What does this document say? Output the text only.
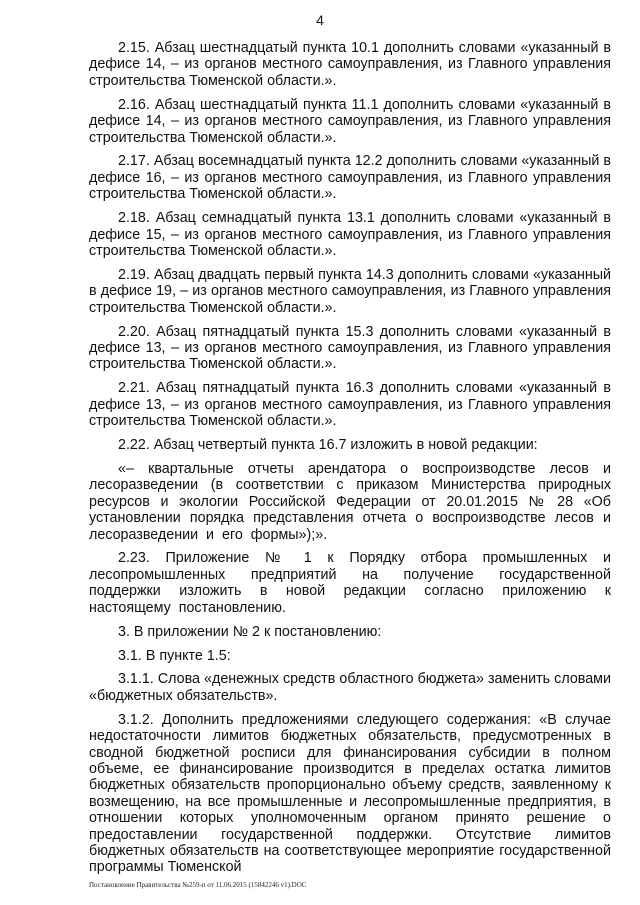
4

2.15. Абзац шестнадцатый пункта 10.1 дополнить словами «указанный в дефисе 14, – из органов местного самоуправления, из Главного управления строительства Тюменской области.».

2.16. Абзац шестнадцатый пункта 11.1 дополнить словами «указанный в дефисе 14, – из органов местного самоуправления, из Главного управления строительства Тюменской области.».

2.17. Абзац восемнадцатый пункта 12.2 дополнить словами «указанный в дефисе 16, – из органов местного самоуправления, из Главного управления строительства Тюменской области.».

2.18. Абзац семнадцатый пункта 13.1 дополнить словами «указанный в дефисе 15, – из органов местного самоуправления, из Главного управления строительства Тюменской области.».

2.19. Абзац двадцать первый пункта 14.3 дополнить словами «указанный в дефисе 19, – из органов местного самоуправления, из Главного управления строительства Тюменской области.».

2.20. Абзац пятнадцатый пункта 15.3 дополнить словами «указанный в дефисе 13, – из органов местного самоуправления, из Главного управления строительства Тюменской области.».

2.21. Абзац пятнадцатый пункта 16.3 дополнить словами «указанный в дефисе 13, – из органов местного самоуправления, из Главного управления строительства Тюменской области.».

2.22. Абзац четвертый пункта 16.7 изложить в новой редакции:

«– квартальные отчеты арендатора о воспроизводстве лесов и лесоразведении (в соответствии с приказом Министерства природных ресурсов и экологии Российской Федерации от 20.01.2015 № 28 «Об установлении порядка представления отчета о воспроизводстве лесов и лесоразведении и его формы»);».

2.23. Приложение № 1 к Порядку отбора промышленных и лесопромышленных предприятий на получение государственной поддержки изложить в новой редакции согласно приложению к настоящему постановлению.

3. В приложении № 2 к постановлению:

3.1. В пункте 1.5:

3.1.1. Слова «денежных средств областного бюджета» заменить словами «бюджетных обязательств».

3.1.2. Дополнить предложениями следующего содержания: «В случае недостаточности лимитов бюджетных обязательств, предусмотренных в сводной бюджетной росписи для финансирования субсидии в полном объеме, ее финансирование производится в пределах остатка лимитов бюджетных обязательств пропорционально объему средств, заявленному к возмещению, на все промышленные и лесопромышленные предприятия, в отношении которых уполномоченным органом принято решение о предоставлении государственной поддержки. Отсутствие лимитов бюджетных обязательств на соответствующее мероприятие государственной программы Тюменской

Постановление Правительства №259-п от 11.06.2015 (15842246 v1).DOC
